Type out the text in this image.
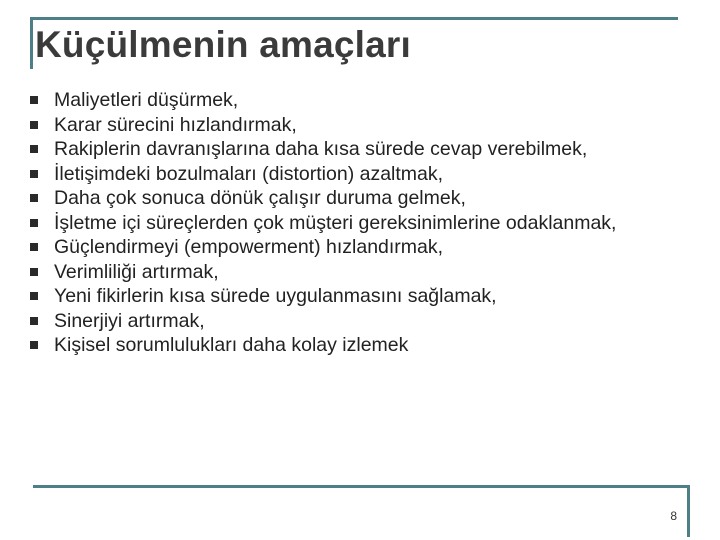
Küçülmenin amaçları
Maliyetleri düşürmek,
Karar sürecini hızlandırmak,
Rakiplerin davranışlarına daha kısa sürede cevap verebilmek,
İletişimdeki bozulmaları (distortion) azaltmak,
Daha çok sonuca dönük çalışır duruma gelmek,
İşletme içi süreçlerden çok müşteri gereksinimlerine odaklanmak,
Güçlendirmeyi (empowerment) hızlandırmak,
Verimliliği artırmak,
Yeni fikirlerin kısa sürede uygulanmasını sağlamak,
Sinerjiyi artırmak,
Kişisel sorumlulukları daha kolay izlemek
8
